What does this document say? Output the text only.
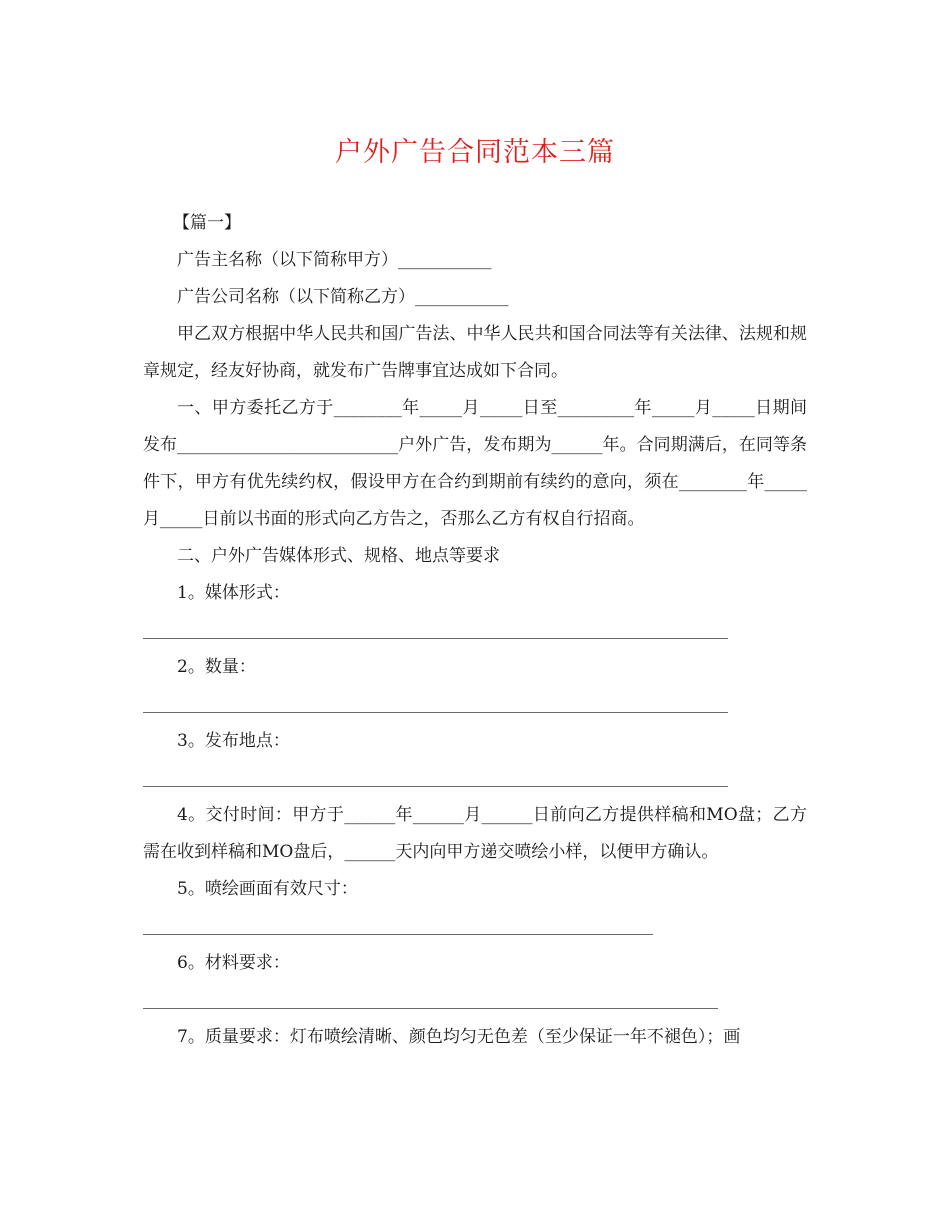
户外广告合同范本三篇

【篇一】

广告主名称（以下简称甲方）___________

广告公司名称（以下简称乙方）___________

甲乙双方根据中华人民共和国广告法、中华人民共和国合同法等有关法律、法规和规章规定，经友好协商，就发布广告牌事宜达成如下合同。

一、甲方委托乙方于________年_____月_____日至_________年_____月_____日期间发布__________________________户外广告，发布期为______年。合同期满后，在同等条件下，甲方有优先续约权，假设甲方在合约到期前有续约的意向，须在________年_____月_____日前以书面的形式向乙方告之，否那么乙方有权自行招商。

二、户外广告媒体形式、规格、地点等要求

1。媒体形式：

2。数量：

3。发布地点：

4。交付时间：甲方于______年______月______日前向乙方提供样稿和MO盘；乙方需在收到样稿和MO盘后，______天内向甲方递交喷绘小样，以便甲方确认。

5。喷绘画面有效尺寸：

6。材料要求：

7。质量要求：灯布喷绘清晰、颜色均匀无色差（至少保证一年不褪色）；画
